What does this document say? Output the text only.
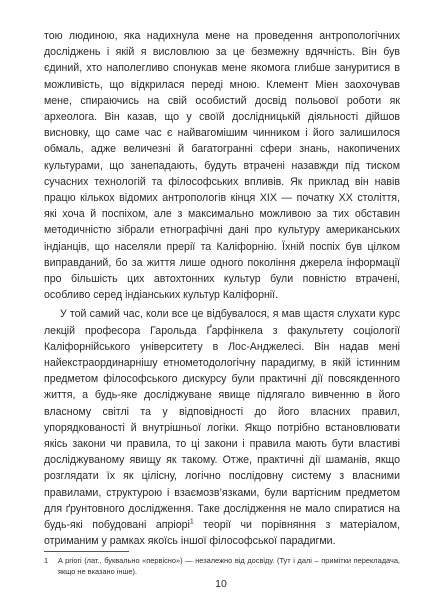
тою людиною, яка надихнула мене на проведення антропологічних досліджень і якій я висловлюю за це безмежну вдячність. Він був єдиний, хто наполегливо спонукав мене якомога глибше зануритися в можливість, що відкрилася переді мною. Клемент Міен заохочував мене, спираючись на свій особистий досвід польової роботи як археолога. Він казав, що у своїй дослідницькій діяльності дійшов висновку, що саме час є найвагомішим чинником і його залишилося обмаль, адже величезні й багатогранні сфери знань, накопичених культурами, що занепадають, будуть втрачені назавжди під тиском сучасних технологій та філософських впливів. Як приклад він навів працю кількох відомих антропологів кінця XIX — початку XX століття, які хоча й поспіхом, але з максимально можливою за тих обставин методичністю зібрали етнографічні дані про культуру американських індіанців, що населяли прерії та Каліфорнію. Їхній поспіх був цілком виправданий, бо за життя лише одного покоління джерела інформації про більшість цих автохтонних культур були повністю втрачені, особливо серед індіанських культур Каліфорнії.

У той самий час, коли все це відбувалося, я мав щастя слухати курс лекцій професора Гарольда Ґарфінкела з факультету соціології Каліфорнійського університету в Лос-Анджелесі. Він надав мені найекстраординарнішу етнометодологічну парадигму, в якій істинним предметом філософського дискурсу були практичні дії повсякденного життя, а будь-яке досліджуване явище підлягало вивченню в його власному світлі та у відповідності до його власних правил, упорядкованості й внутрішньої логіки. Якщо потрібно встановлювати якісь закони чи правила, то ці закони і правила мають бути властиві досліджуваному явищу як такому. Отже, практичні дії шаманів, якщо розглядати їх як цілісну, логічно послідовну систему з власними правилами, структурою і взаємозв’язками, були вартісним предметом для ґрунтовного дослідження. Таке дослідження не мало спиратися на будь-які побудовані апріорі$^1$ теорії чи порівняння з матеріалом, отриманим у рамках якоїсь іншої філософської парадигми.

1	A priori (лат., буквально «первісно») — незалежно від досвіду. (Тут і далі – примітки перекладача, якщо не вказано інше).
10
